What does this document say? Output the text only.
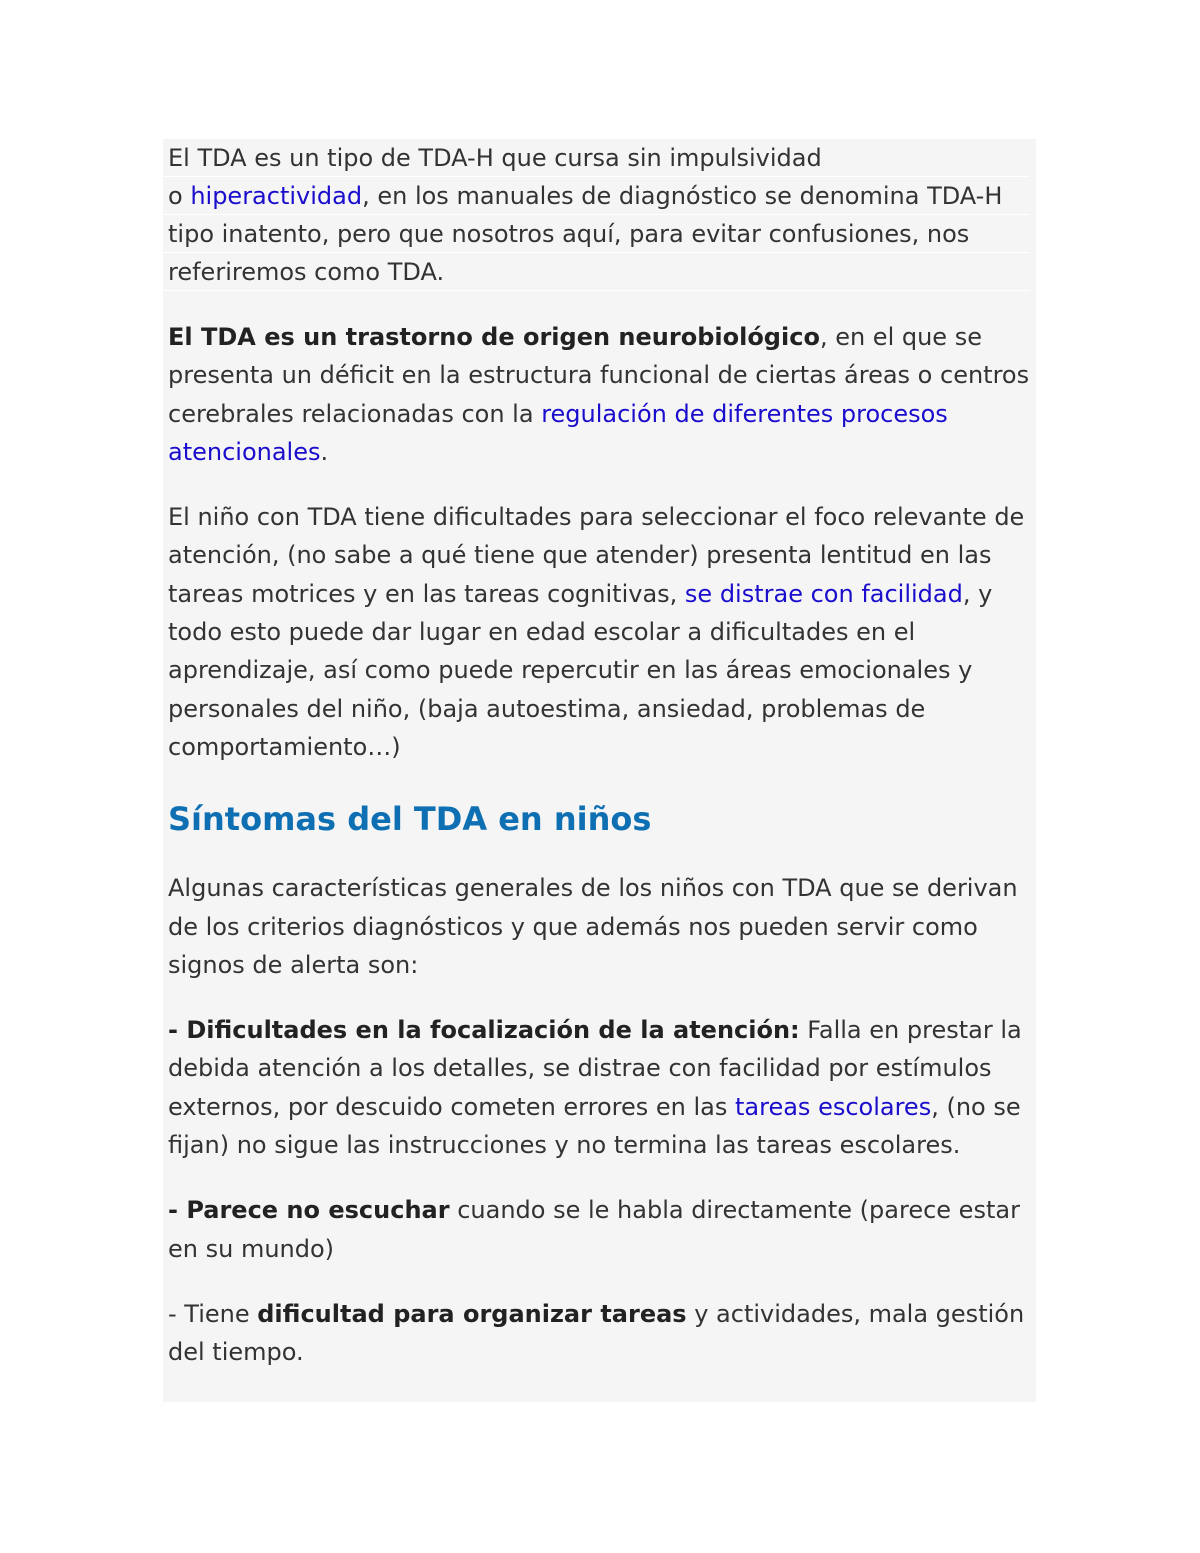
El TDA es un tipo de TDA-H que cursa sin impulsividad
o hiperactividad, en los manuales de diagnóstico se denomina TDA-H
tipo inatento, pero que nosotros aquí, para evitar confusiones, nos
referiremos como TDA.

El TDA es un trastorno de origen neurobiológico, en el que se presenta un déficit en la estructura funcional de ciertas áreas o centros cerebrales relacionadas con la regulación de diferentes procesos atencionales.

El niño con TDA tiene dificultades para seleccionar el foco relevante de atención, (no sabe a qué tiene que atender) presenta lentitud en las tareas motrices y en las tareas cognitivas, se distrae con facilidad, y todo esto puede dar lugar en edad escolar a dificultades en el aprendizaje, así como puede repercutir en las áreas emocionales y personales del niño, (baja autoestima, ansiedad, problemas de comportamiento…)

Síntomas del TDA en niños

Algunas características generales de los niños con TDA que se derivan de los criterios diagnósticos y que además nos pueden servir como signos de alerta son:

- Dificultades en la focalización de la atención: Falla en prestar la debida atención a los detalles, se distrae con facilidad por estímulos externos, por descuido cometen errores en las tareas escolares, (no se fijan) no sigue las instrucciones y no termina las tareas escolares.

- Parece no escuchar cuando se le habla directamente (parece estar en su mundo)

- Tiene dificultad para organizar tareas y actividades, mala gestión del tiempo.
